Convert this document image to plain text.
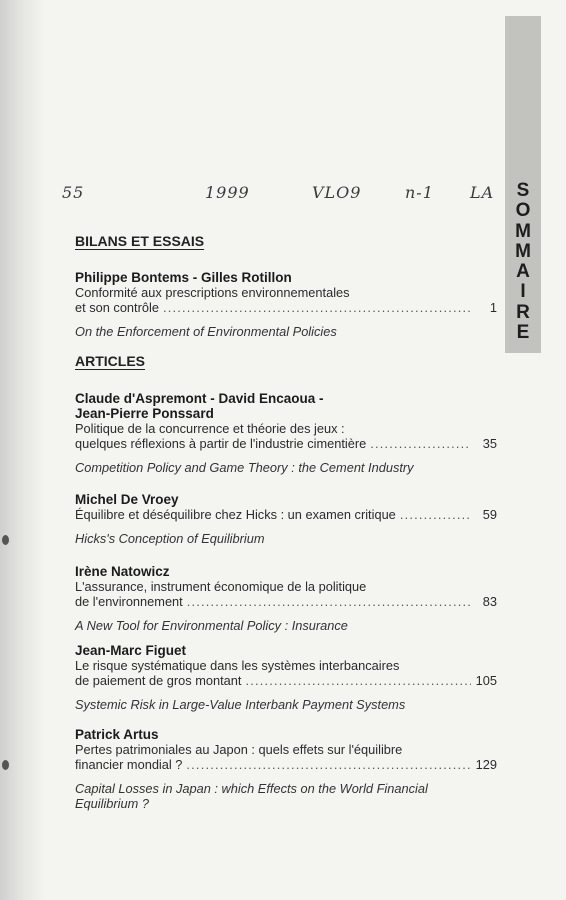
S
O
M
M
A
I
R
E
55	1999	VLO9	n-1 LA
BILANS ET ESSAIS
Philippe Bontems - Gilles Rotillon
Conformité aux prescriptions environnementales
et son contrôle .....	1
On the Enforcement of Environmental Policies
ARTICLES
Claude d'Aspremont - David Encaoua -
Jean-Pierre Ponssard
Politique de la concurrence et théorie des jeux :
quelques réflexions à partir de l'industrie cimentière .....	35
Competition Policy and Game Theory : the Cement Industry
Michel De Vroey
Équilibre et déséquilibre chez Hicks : un examen critique .....	59
Hicks's Conception of Equilibrium
Irène Natowicz
L'assurance, instrument économique de la politique
de l'environnement .....	83
A New Tool for Environmental Policy : Insurance
Jean-Marc Figuet
Le risque systématique dans les systèmes interbancaires
de paiement de gros montant .....	105
Systemic Risk in Large-Value Interbank Payment Systems
Patrick Artus
Pertes patrimoniales au Japon : quels effets sur l'équilibre
financier mondial ? .....	129
Capital Losses in Japan : which Effects on the World Financial
Equilibrium ?
